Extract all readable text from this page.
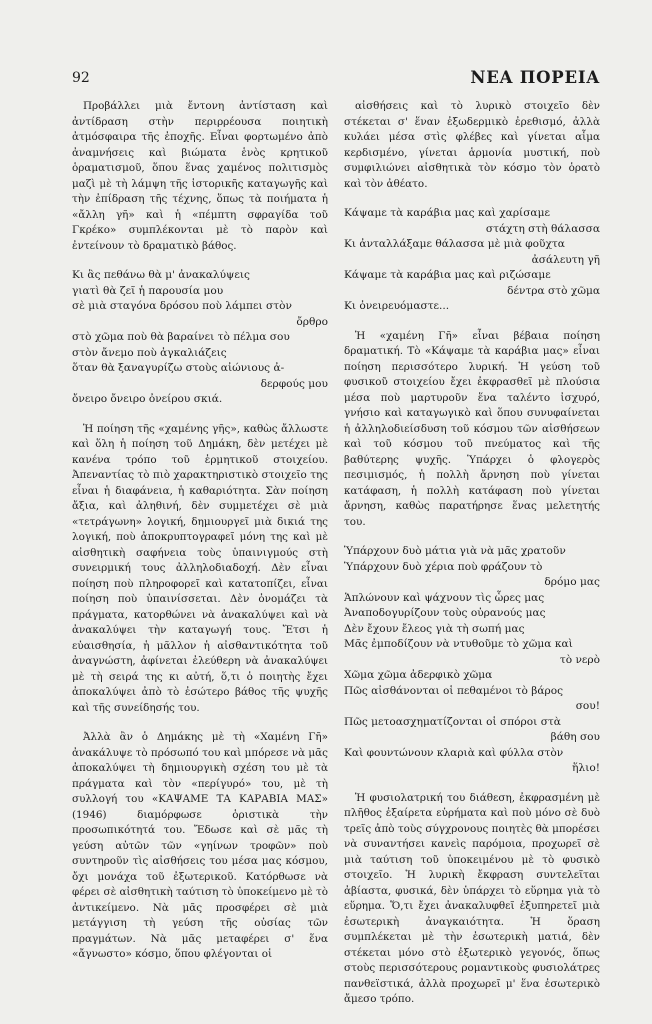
92	ΝΕΑ ΠΟΡΕΙΑ

Προβάλλει μιὰ ἔντονη ἀντίσταση καὶ ἀντίδραση στὴν περιρρέουσα ποιητικὴ ἀτμόσφαιρα τῆς ἐποχῆς. Εἶναι φορτωμένο ἀπὸ ἀναμνήσεις καὶ βιώματα ἑνὸς κρητικοῦ ὁραματισμοῦ, ὅπου ἕνας χαμένος πολιτισμὸς μαζὶ μὲ τὴ λάμψη τῆς ἱστορικῆς καταγωγῆς καὶ τὴν ἐπίδραση τῆς τέχνης, ὅπως τὰ ποιήματα ἡ «ἄλλη γῆ» καὶ ἡ «πέμπτη σφραγίδα τοῦ Γκρέκο» συμπλέκονται μὲ τὸ παρὸν καὶ ἐντείνουν τὸ δραματικὸ βάθος.

Κι ἂς πεθάνω θὰ μ' ἀνακαλύψεις
γιατὶ θὰ ζεῖ ἡ παρουσία μου
σὲ μιὰ σταγόνα δρόσου ποὺ λάμπει στὸν
ὄρθρο
στὸ χῶμα ποὺ θὰ βαραίνει τὸ πέλμα σου
στὸν ἄνεμο ποὺ ἀγκαλιάζεις
ὅταν θὰ ξαναγυρίζω στοὺς αἰώνιους ἀ-
δερφούς μου
ὄνειρο ὄνειρο ὀνείρου σκιά.

Ἡ ποίηση τῆς «χαμένης γῆς», καθὼς ἄλλωστε καὶ ὅλη ἡ ποίηση τοῦ Δημάκη, δὲν μετέχει μὲ κανένα τρόπο τοῦ ἑρμητικοῦ στοιχείου. Ἀπεναντίας τὸ πιὸ χαρακτηριστικὸ στοιχεῖο της εἶναι ἡ διαφάνεια, ἡ καθαριότητα. Σὰν ποίηση ἄξια, καὶ ἀληθινή, δὲν συμμετέχει σὲ μιὰ «τετράγωνη» λογική, δημιουργεῖ μιὰ δικιά της λογική, ποὺ ἀποκρυπτογραφεῖ μόνη της καὶ μὲ αἰσθητικὴ σαφήνεια τοὺς ὑπαινιγμούς στὴ συνειρμική τους ἀλληλοδιαδοχή. Δὲν εἶναι ποίηση ποὺ πληροφορεῖ καὶ κατατοπίζει, εἶναι ποίηση ποὺ ὑπαινίσσεται. Δὲν ὀνομάζει τὰ πράγματα, κατορθώνει νὰ ἀνακαλύψει καὶ νὰ ἀνακαλύψει τὴν καταγωγή τους. Ἔτσι ἡ εὐαισθησία, ἡ μᾶλλον ἡ αἰσθαντικότητα τοῦ ἀναγνώστη, ἀφίνεται ἐλεύθερη νὰ ἀνακαλύψει μὲ τὴ σειρά της κι αὐτή, ὅ,τι ὁ ποιητὴς ἔχει ἀποκαλύψει ἀπὸ τὸ ἐσώτερο βάθος τῆς ψυχῆς καὶ τῆς συνείδησής του.

Ἀλλὰ ἂν ὁ Δημάκης μὲ τὴ «Χαμένη Γῆ» ἀνακάλυψε τὸ πρόσωπό του καὶ μπόρεσε νὰ μᾶς ἀποκαλύψει τὴ δημιουργικὴ σχέση του μὲ τὰ πράγματα καὶ τὸν «περίγυρό» του, μὲ τὴ συλλογή του «ΚΑΨΑΜΕ ΤΑ ΚΑΡΑΒΙΑ ΜΑΣ» (1946) διαμόρφωσε ὁριστικὰ τὴν προσωπικότητά του. Ἔδωσε καὶ σὲ μᾶς τὴ γεύση αὐτῶν τῶν «γηίνων τροφῶν» ποὺ συντηροῦν τὶς αἰσθήσεις του μέσα μας κόσμου, ὄχι μονάχα τοῦ ἐξωτερικοῦ. Κατόρθωσε νὰ φέρει σὲ αἰσθητικὴ ταύτιση τὸ ὑποκείμενο μὲ τὸ ἀντικείμενο. Νὰ μᾶς προσφέρει σὲ μιὰ μετάγγιση τὴ γεύση τῆς οὐσίας τῶν πραγμάτων. Νὰ μᾶς μεταφέρει σ' ἕνα «ἄγνωστο» κόσμο, ὅπου φλέγονται οἱ

αἰσθήσεις καὶ τὸ λυρικὸ στοιχεῖο δὲν στέκεται σ' ἕναν ἐξωδερμικὸ ἐρεθισμό, ἀλλὰ κυλάει μέσα στὶς φλέβες καὶ γίνεται αἷμα κερδισμένο, γίνεται ἁρμονία μυστική, ποὺ συμφιλιώνει αἰσθητικὰ τὸν κόσμο τὸν ὁρατὸ καὶ τὸν ἀθέατο.

Κάψαμε τὰ καράβια μας καὶ χαρίσαμε
στάχτη στὴ θάλασσα
Κι ἀνταλλάξαμε θάλασσα μὲ μιὰ φοῦχτα
ἀσάλευτη γῆ
Κάψαμε τὰ καράβια μας καὶ ριζώσαμε
δέντρα στὸ χῶμα
Κι ὀνειρευόμαστε...

Ἡ «χαμένη Γῆ» εἶναι βέβαια ποίηση δραματική. Τὸ «Κάψαμε τὰ καράβια μας» εἶναι ποίηση περισσότερο λυρική. Ἡ γεύση τοῦ φυσικοῦ στοιχείου ἔχει ἐκφρασθεῖ μὲ πλούσια μέσα ποὺ μαρτυροῦν ἕνα ταλέντο ἰσχυρό, γνήσιο καὶ καταγωγικὸ καὶ ὅπου συνυφαίνεται ἡ ἀλληλοδιείσδυση τοῦ κόσμου τῶν αἰσθήσεων καὶ τοῦ κόσμου τοῦ πνεύματος καὶ τῆς βαθύτερης ψυχῆς. Ὑπάρχει ὁ φλογερὸς πεσιμισμός, ἡ πολλὴ ἄρνηση ποὺ γίνεται κατάφαση, ἡ πολλὴ κατάφαση ποὺ γίνεται ἄρνηση, καθὼς παρατήρησε ἕνας μελετητής του.

Ὑπάρχουν δυὸ μάτια γιὰ νὰ μᾶς χρατοῦν
Ὑπάρχουν δυὸ χέρια ποὺ φράζουν τὸ
δρόμο μας
Ἁπλώνουν καὶ ψάχνουν τὶς ὧρες μας
Ἀναποδογυρίζουν τοὺς οὐρανούς μας
Δὲν ἔχουν ἔλεος γιὰ τὴ σωπή μας
Μᾶς ἐμποδίζουν νὰ ντυθοῦμε τὸ χῶμα καὶ
τὸ νερὸ
Χῶμα χῶμα ἀδερφικὸ χῶμα
Πῶς αἰσθάνονται οἱ πεθαμένοι τὸ βάρος
σου!
Πῶς μετοασχηματίζονται οἱ σπόροι στὰ
βάθη σου
Καὶ φουντώνουν κλαριὰ καὶ φύλλα στὸν
ἥλιο!

Ἡ φυσιολατρική του διάθεση, ἐκφρασμένη μὲ πλῆθος ἐξαίρετα εὑρήματα καὶ ποὺ μόνο σὲ δυὸ τρεῖς ἀπὸ τοὺς σύγχρονους ποιητὲς θὰ μπορέσει νὰ συναντήσει κανεὶς παρόμοια, προχωρεῖ σὲ μιὰ ταύτιση τοῦ ὑποκειμένου μὲ τὸ φυσικὸ στοιχεῖο. Ἡ λυρικὴ ἔκφραση συντελεῖται ἀβίαστα, φυσικά, δὲν ὑπάρχει τὸ εὕρημα γιὰ τὸ εὕρημα. Ὅ,τι ἔχει ἀνακαλυφθεῖ ἐξυπηρετεῖ μιὰ ἐσωτερικὴ ἀναγκαιότητα. Ἡ ὅραση συμπλέκεται μὲ τὴν ἐσωτερικὴ ματιά, δὲν στέκεται μόνο στὸ ἐξωτερικὸ γεγονός, ὅπως στοὺς περισσότερους ρομαντικοὺς φυσιολάτρες πανθεϊστικά, ἀλλὰ προχωρεῖ μ' ἕνα ἐσωτερικὸ ἄμεσο τρόπο.
